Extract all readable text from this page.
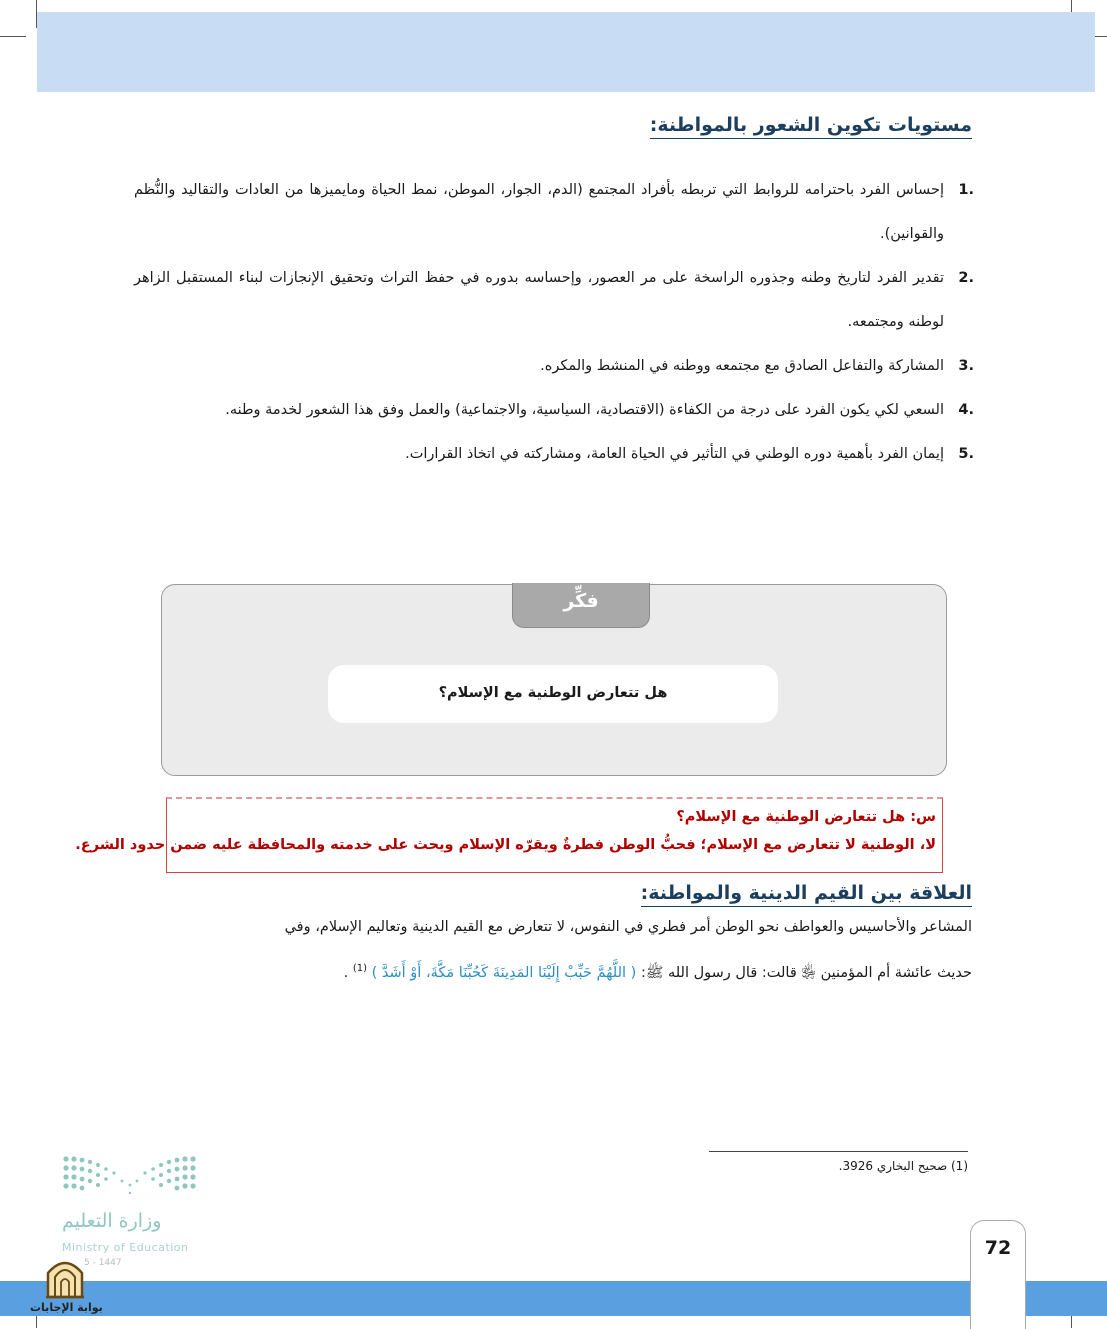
مستويات تكوين الشعور بالمواطنة:
.1
إحساس الفرد باحترامه للروابط التي تربطه بأفراد المجتمع (الدم، الجوار، الموطن، نمط الحياة ومايميزها من العادات والتقاليد والنُّظم والقوانين).
.2
تقدير الفرد لتاريخ وطنه وجذوره الراسخة على مر العصور، وإحساسه بدوره في حفظ التراث وتحقيق الإنجازات لبناء المستقبل الزاهر لوطنه ومجتمعه.
.3
المشاركة والتفاعل الصادق مع مجتمعه ووطنه في المنشط والمكره.
.4
السعي لكي يكون الفرد على درجة من الكفاءة (الاقتصادية، السياسية، والاجتماعية) والعمل وفق هذا الشعور لخدمة وطنه.
.5
إيمان الفرد بأهمية دوره الوطني في التأثير في الحياة العامة، ومشاركته في اتخاذ القرارات.
فكِّر
هل تتعارض الوطنية مع الإسلام؟
س: هل تتعارض الوطنية مع الإسلام؟
لا، الوطنية لا تتعارض مع الإسلام؛ فحبُّ الوطن فطرةٌ ويقرّه الإسلام ويحث على خدمته والمحافظة عليه ضمن حدود الشرع.
العلاقة بين القيم الدينية والمواطنة:
المشاعر والأحاسيس والعواطف نحو الوطن أمر فطري في النفوس، لا تتعارض مع القيم الدينية وتعاليم الإسلام، وفي
حديث عائشة أم المؤمنين ﵂ قالت: قال رسول الله ﷺ: ( اللَّهُمَّ حَبِّبْ إِلَيْنَا المَدِينَةَ كَحُبِّنَا مَكَّةَ، أَوْ أَشَدَّ ) $^{(1)}$ .
(1) صحيح البخاري 3926.
وزارة التعليم
Ministry of Education
5 - 1447
72
بوابة الإجابات
